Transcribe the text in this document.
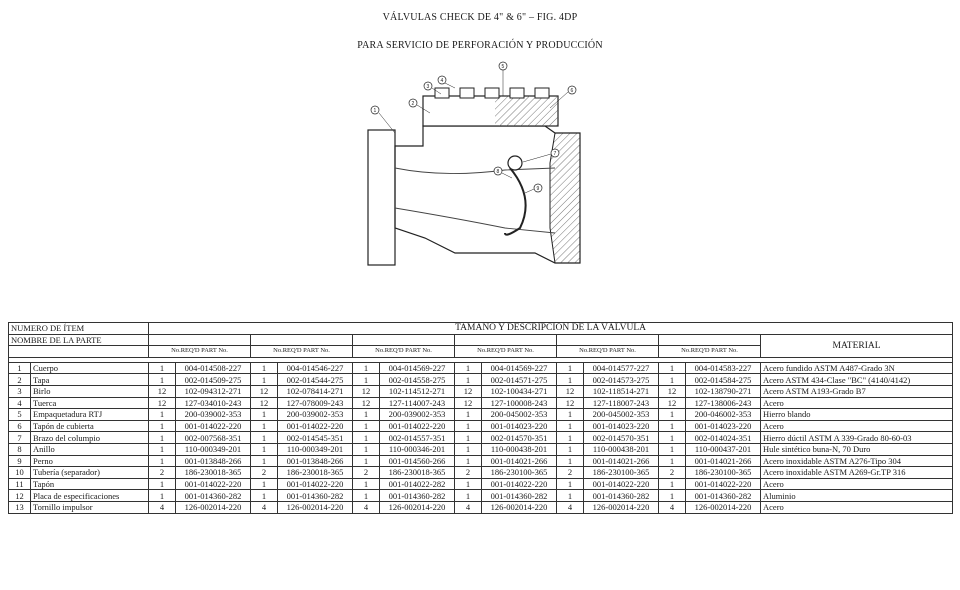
VÁLVULAS CHECK DE 4" & 6" – FIG. 4DP
PARA SERVICIO DE PERFORACIÓN Y PRODUCCIÓN
1
2
3
4
5
6
7
8
9
NUMERO DE ÍTEM		TAMAÑO Y DESCRIPCIÓN DE LA VÁLVULA												
NOMBRE DE LA PARTE														MATERIAL
		No.REQ'D PART No.		No.REQ'D PART No.		No.REQ'D PART No.		No.REQ'D PART No.		No.REQ'D PART No.		No.REQ'D PART No.		

1	Cuerpo	1	004-014508-227	1	004-014546-227	1	004-014569-227	1	004-014569-227	1	004-014577-227	1	004-014583-227	Acero fundido ASTM A487-Grado 3N
2	Tapa	1	002-014509-275	1	002-014544-275	1	002-014558-275	1	002-014571-275	1	002-014573-275	1	002-014584-275	Acero ASTM 434-Clase "BC" (4140/4142)
3	Birlo	12	102-094312-271	12	102-078414-271	12	102-114512-271	12	102-100434-271	12	102-118514-271	12	102-138790-271	Acero ASTM A193-Grado B7
4	Tuerca	12	127-034010-243	12	127-078009-243	12	127-114007-243	12	127-100008-243	12	127-118007-243	12	127-138006-243	Acero
5	Empaquetadura RTJ	1	200-039002-353	1	200-039002-353	1	200-039002-353	1	200-045002-353	1	200-045002-353	1	200-046002-353	Hierro blando
6	Tapón de cubierta	1	001-014022-220	1	001-014022-220	1	001-014022-220	1	001-014023-220	1	001-014023-220	1	001-014023-220	Acero
7	Brazo del columpio	1	002-007568-351	1	002-014545-351	1	002-014557-351	1	002-014570-351	1	002-014570-351	1	002-014024-351	Hierro dúctil ASTM A 339-Grado 80-60-03
8	Anillo	1	110-000349-201	1	110-000349-201	1	110-000346-201	1	110-000438-201	1	110-000438-201	1	110-000437-201	Hule sintético buna-N, 70 Duro
9	Perno	1	001-013848-266	1	001-013848-266	1	001-014560-266	1	001-014021-266	1	001-014021-266	1	001-014021-266	Acero inoxidable ASTM A276-Tipo 304
10	Tubería (separador)	2	186-230018-365	2	186-230018-365	2	186-230018-365	2	186-230100-365	2	186-230100-365	2	186-230100-365	Acero inoxidable ASTM A269-Gr.TP 316
11	Tapón	1	001-014022-220	1	001-014022-220	1	001-014022-282	1	001-014022-220	1	001-014022-220	1	001-014022-220	Acero
12	Placa de especificaciones	1	001-014360-282	1	001-014360-282	1	001-014360-282	1	001-014360-282	1	001-014360-282	1	001-014360-282	Aluminio
13	Tornillo impulsor	4	126-002014-220	4	126-002014-220	4	126-002014-220	4	126-002014-220	4	126-002014-220	4	126-002014-220	Acero
